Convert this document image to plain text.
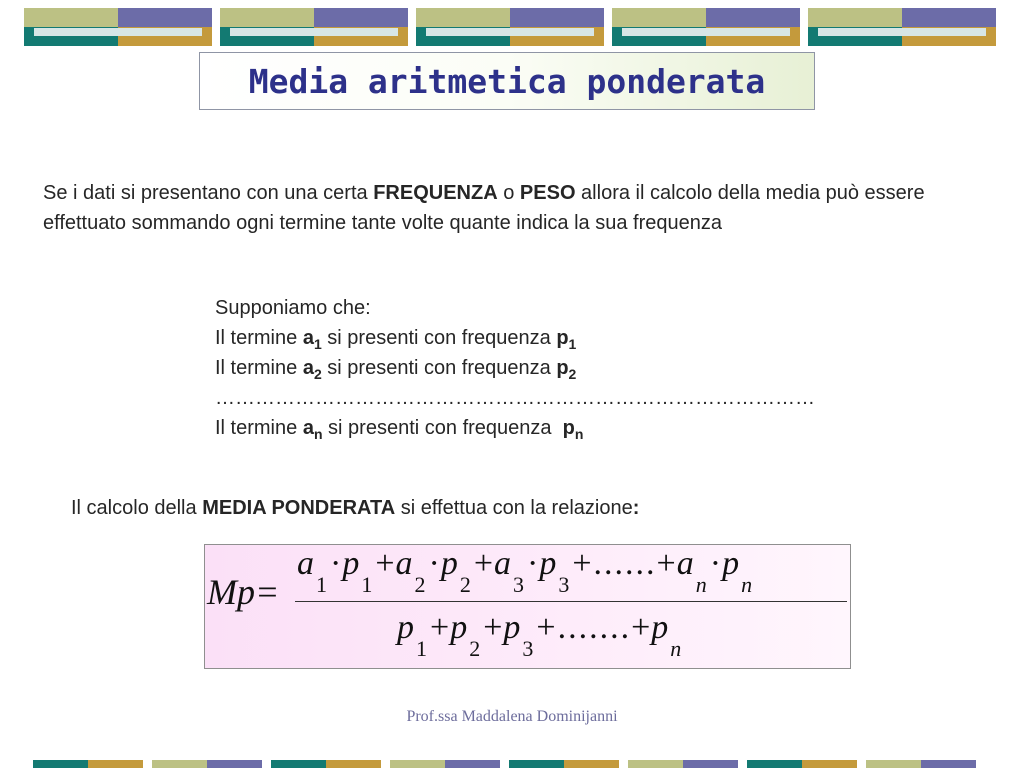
Media aritmetica ponderata
Se i dati si presentano con una certa FREQUENZA o PESO allora il calcolo della media può essere effettuato sommando ogni termine tante volte quante indica la sua frequenza
Supponiamo che:
Il termine $a_1$ si presenti con frequenza $p_1$
Il termine $a_2$ si presenti con frequenza $p_2$
………………………………………………………………………………
Il termine $a_n$ si presenti con frequenza  $p_n$
Il calcolo della MEDIA PONDERATA si effettua con la relazione:
Mp=
$a_1\cdot p_1+a_2\cdot p_2+a_3\cdot p_3+......+a_n\cdot p_n$
$p_1+p_2+p_3+.......+p_n$
Prof.ssa Maddalena Dominijanni
